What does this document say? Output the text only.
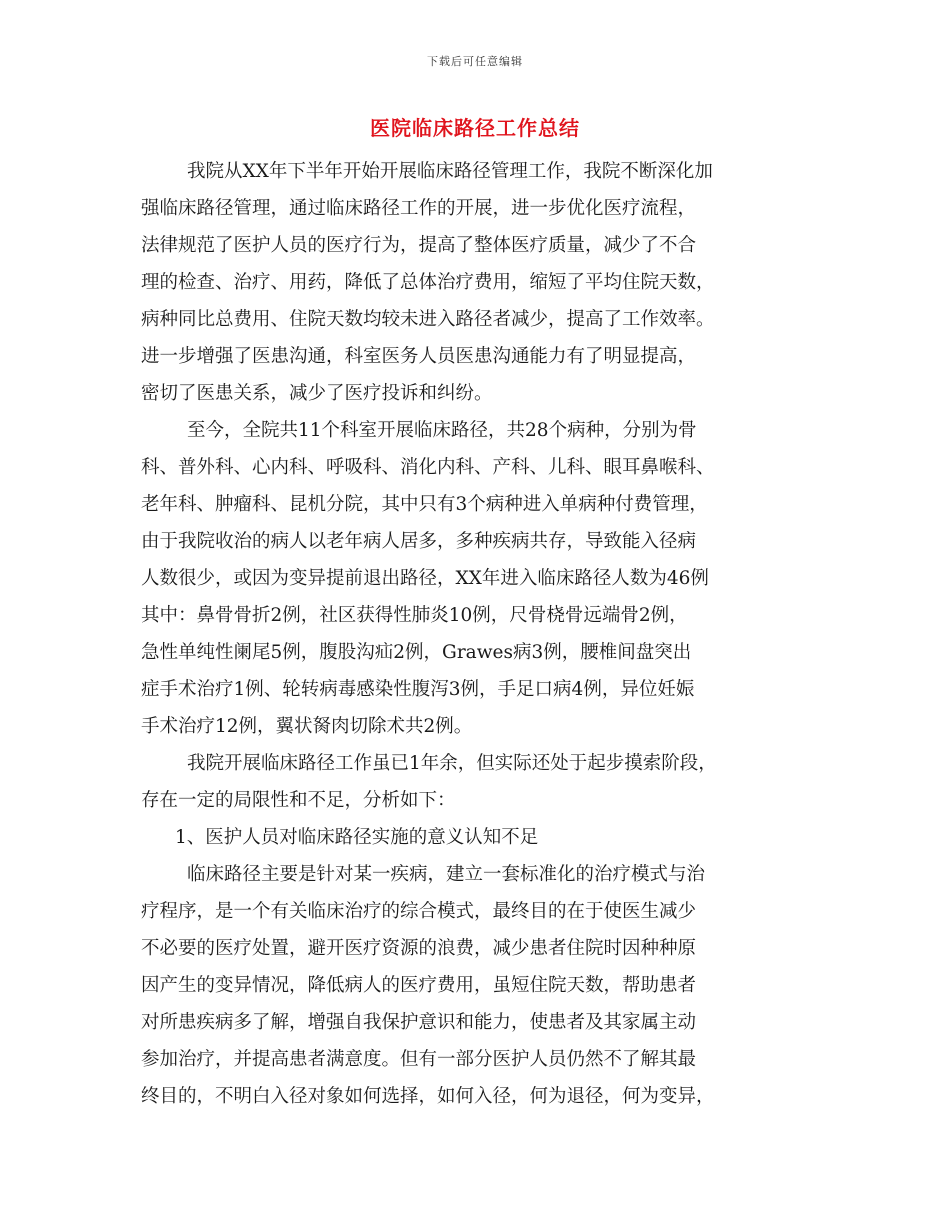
下载后可任意编辑
医院临床路径工作总结
我院从XX年下半年开始开展临床路径管理工作，我院不断深化加
强临床路径管理，通过临床路径工作的开展，进一步优化医疗流程，
法律规范了医护人员的医疗行为，提高了整体医疗质量，减少了不合
理的检查、治疗、用药，降低了总体治疗费用，缩短了平均住院天数，
病种同比总费用、住院天数均较未进入路径者减少，提高了工作效率。
进一步增强了医患沟通，科室医务人员医患沟通能力有了明显提高，
密切了医患关系，减少了医疗投诉和纠纷。
至今，全院共11个科室开展临床路径，共28个病种，分别为骨
科、普外科、心内科、呼吸科、消化内科、产科、儿科、眼耳鼻喉科、
老年科、肿瘤科、昆机分院，其中只有3个病种进入单病种付费管理，
由于我院收治的病人以老年病人居多，多种疾病共存，导致能入径病
人数很少，或因为变异提前退出路径，XX年进入临床路径人数为46例
其中：鼻骨骨折2例，社区获得性肺炎10例，尺骨桡骨远端骨2例，
急性单纯性阑尾5例，腹股沟疝2例，Grawes病3例，腰椎间盘突出
症手术治疗1例、轮转病毒感染性腹泻3例，手足口病4例，异位妊娠
手术治疗12例，翼状胬肉切除术共2例。
我院开展临床路径工作虽已1年余，但实际还处于起步摸索阶段，
存在一定的局限性和不足，分析如下：
1、医护人员对临床路径实施的意义认知不足
临床路径主要是针对某一疾病，建立一套标准化的治疗模式与治
疗程序，是一个有关临床治疗的综合模式，最终目的在于使医生减少
不必要的医疗处置，避开医疗资源的浪费，减少患者住院时因种种原
因产生的变异情况，降低病人的医疗费用，虽短住院天数，帮助患者
对所患疾病多了解，增强自我保护意识和能力，使患者及其家属主动
参加治疗，并提高患者满意度。但有一部分医护人员仍然不了解其最
终目的，不明白入径对象如何选择，如何入径，何为退径，何为变异，
